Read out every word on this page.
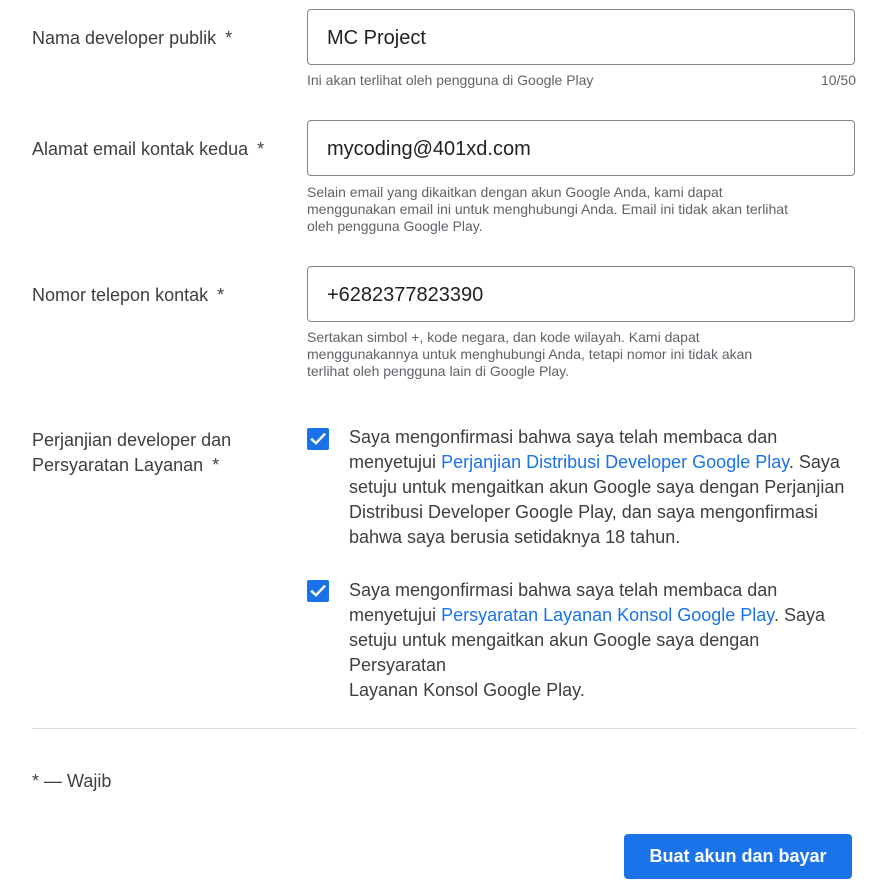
Nama developer publik *
MC Project
Ini akan terlihat oleh pengguna di Google Play	10/50
Alamat email kontak kedua *
mycoding@401xd.com
Selain email yang dikaitkan dengan akun Google Anda, kami dapat
menggunakan email ini untuk menghubungi Anda. Email ini tidak akan terlihat
oleh pengguna Google Play.
Nomor telepon kontak *
+6282377823390
Sertakan simbol +, kode negara, dan kode wilayah. Kami dapat
menggunakannya untuk menghubungi Anda, tetapi nomor ini tidak akan
terlihat oleh pengguna lain di Google Play.
Perjanjian developer dan
Persyaratan Layanan *
Saya mengonfirmasi bahwa saya telah membaca dan
menyetujui Perjanjian Distribusi Developer Google Play. Saya
setuju untuk mengaitkan akun Google saya dengan Perjanjian
Distribusi Developer Google Play, dan saya mengonfirmasi
bahwa saya berusia setidaknya 18 tahun.
Saya mengonfirmasi bahwa saya telah membaca dan
menyetujui Persyaratan Layanan Konsol Google Play. Saya
setuju untuk mengaitkan akun Google saya dengan Persyaratan
Layanan Konsol Google Play.
* — Wajib
Buat akun dan bayar
